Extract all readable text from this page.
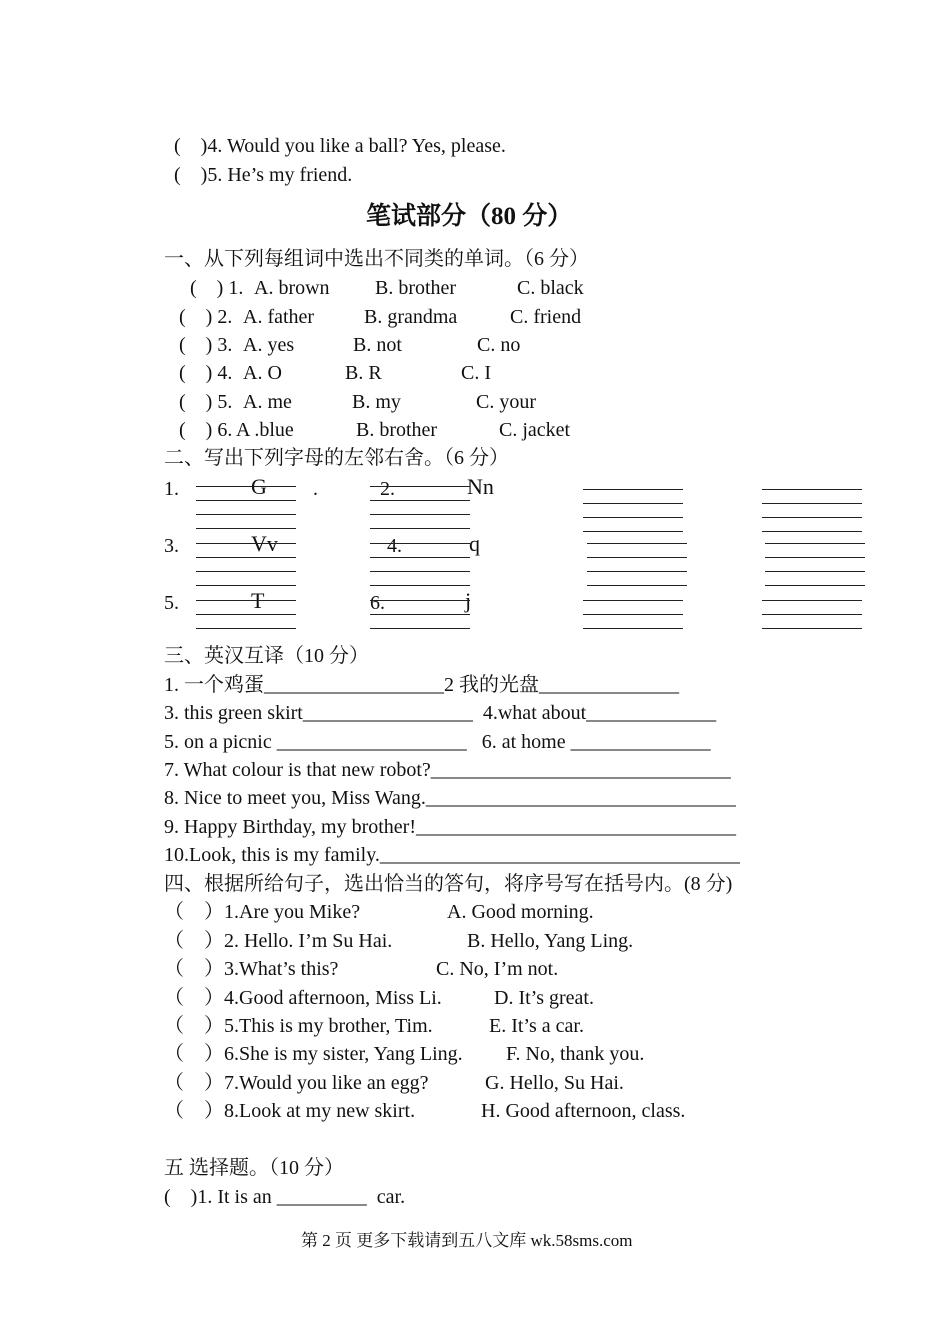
(    )4. Would you like a ball? Yes, please.
(    )5. He’s my friend.
笔试部分（80 分）
一、从下列每组词中选出不同类的单词。（6 分）
(    ) 1. A. brown B. brother	C. black
(    ) 2. A. father B. grandma	C. friend
(    ) 3. A. yes	B. not	C. no
(    ) 4. A. O	B. R	C. I
(    ) 5. A. me	B. my	C. your
(    ) 6. A .blue	B. brother	C. jacket
二、写出下列字母的左邻右舍。（6 分）
1.	G .	2.	Nn
3.	Vv	4.	q
5.	T	6.	j
三、英汉互译（10 分）
1. 一个鸡蛋__________________2 我的光盘______________
3. this green skirt_________________  4.what about_____________
5. on a picnic ___________________   6. at home ______________
7. What colour is that new robot?______________________________
8. Nice to meet you, Miss Wang._______________________________
9. Happy Birthday, my brother!________________________________
10.Look, this is my family.____________________________________
四、根据所给句子，选出恰当的答句，将序号写在括号内。(8 分)
（    ）1.Are you Mike?	A. Good morning.
（    ）2. Hello. I’m Su Hai.	B. Hello, Yang Ling.
（    ）3.What’s this?	C. No, I’m not.
（    ）4.Good afternoon, Miss Li.	D. It’s great.
（    ）5.This is my brother, Tim.	E. It’s a car.
（    ）6.She is my sister, Yang Ling. F. No, thank you.
（    ）7.Would you like an egg?	G. Hello, Su Hai.
（    ）8.Look at my new skirt.	H. Good afternoon, class.
五 选择题。（10 分）
(    )1. It is an _________  car.
第 2 页 更多下载请到五八文库 wk.58sms.com
